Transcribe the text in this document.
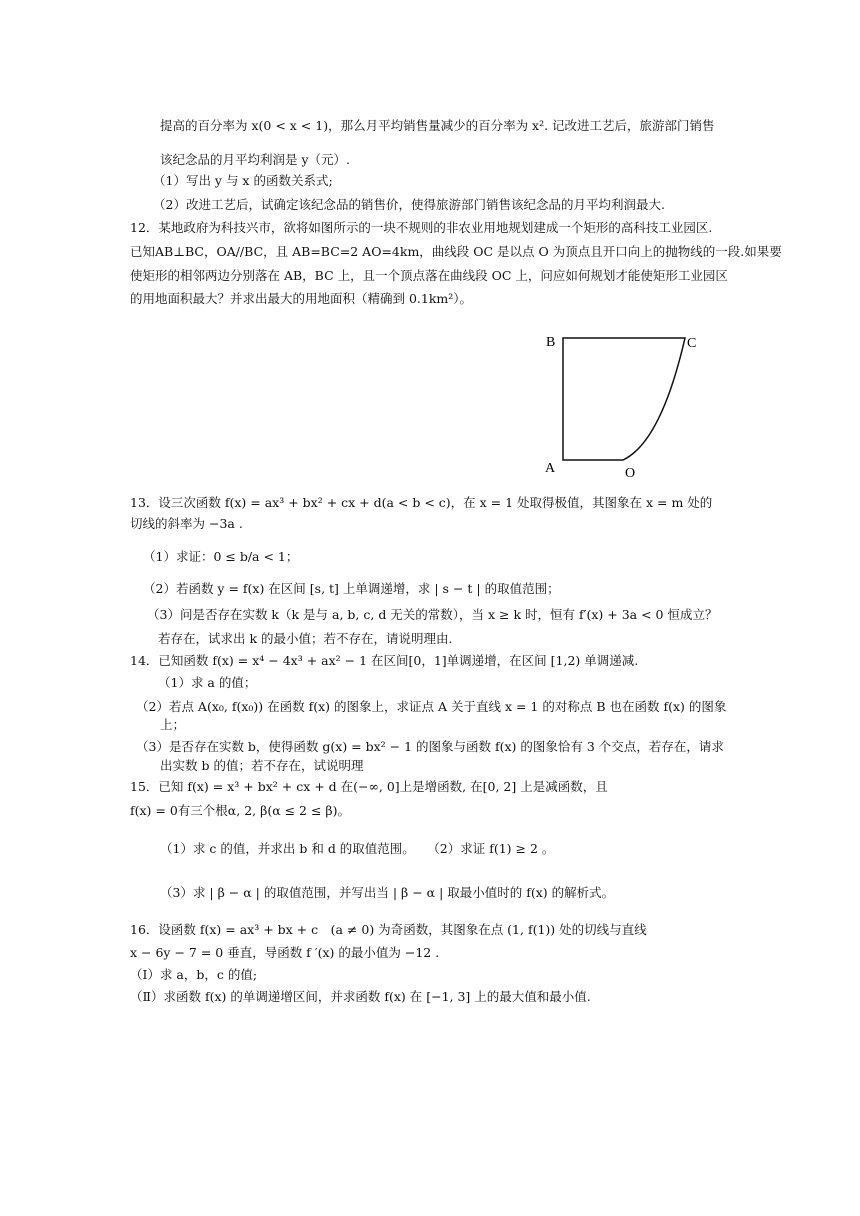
提高的百分率为 x(0 < x < 1)，那么月平均销售量减少的百分率为 x². 记改进工艺后，旅游部门销售
该纪念品的月平均利润是 y（元）.
（1）写出 y 与 x 的函数关系式;
（2）改进工艺后，试确定该纪念品的销售价，使得旅游部门销售该纪念品的月平均利润最大.
12．某地政府为科技兴市，欲将如图所示的一块不规则的非农业用地规划建成一个矩形的高科技工业园区.
已知AB⊥BC，OA//BC，且 AB=BC=2 AO=4km，曲线段 OC 是以点 O 为顶点且开口向上的抛物线的一段.如果要
使矩形的相邻两边分别落在 AB，BC 上，且一个顶点落在曲线段 OC 上，问应如何规划才能使矩形工业园区
的用地面积最大？并求出最大的用地面积（精确到 0.1km²）。
B	C
A	O
13．设三次函数 f(x) = ax³ + bx² + cx + d(a < b < c)，在 x = 1 处取得极值，其图象在 x = m 处的
切线的斜率为 −3a .
（1）求证：0 ≤ b/a < 1；
（2）若函数 y = f(x) 在区间 [s, t] 上单调递增，求 | s − t | 的取值范围；
（3）问是否存在实数 k（k 是与 a, b, c, d 无关的常数），当 x ≥ k 时，恒有 f′(x) + 3a < 0 恒成立？
若存在，试求出 k 的最小值；若不存在，请说明理由.
14．已知函数 f(x) = x⁴ − 4x³ + ax² − 1 在区间[0，1]单调递增，在区间 [1,2) 单调递减.
（1）求 a 的值；
（2）若点 A(x₀, f(x₀)) 在函数 f(x) 的图象上，求证点 A 关于直线 x = 1 的对称点 B 也在函数 f(x) 的图象
上；
（3）是否存在实数 b，使得函数 g(x) = bx² − 1 的图象与函数 f(x) 的图象恰有 3 个交点，若存在，请求
出实数 b 的值；若不存在，试说明理
15．已知 f(x) = x³ + bx² + cx + d 在(−∞, 0]上是增函数, 在[0, 2] 上是减函数，且
f(x) = 0有三个根α, 2, β(α ≤ 2 ≤ β)。
（1）求 c 的值，并求出 b 和 d 的取值范围。　　（2）求证 f(1) ≥ 2 。
（3）求 | β − α | 的取值范围，并写出当 | β − α | 取最小值时的 f(x) 的解析式。
16．设函数 f(x) = ax³ + bx + c　(a ≠ 0) 为奇函数，其图象在点 (1, f(1)) 处的切线与直线
x − 6y − 7 = 0 垂直，导函数 f ′(x) 的最小值为 −12 .
（Ⅰ）求 a，b，c 的值;
（Ⅱ）求函数 f(x) 的单调递增区间，并求函数 f(x) 在 [−1, 3] 上的最大值和最小值.
